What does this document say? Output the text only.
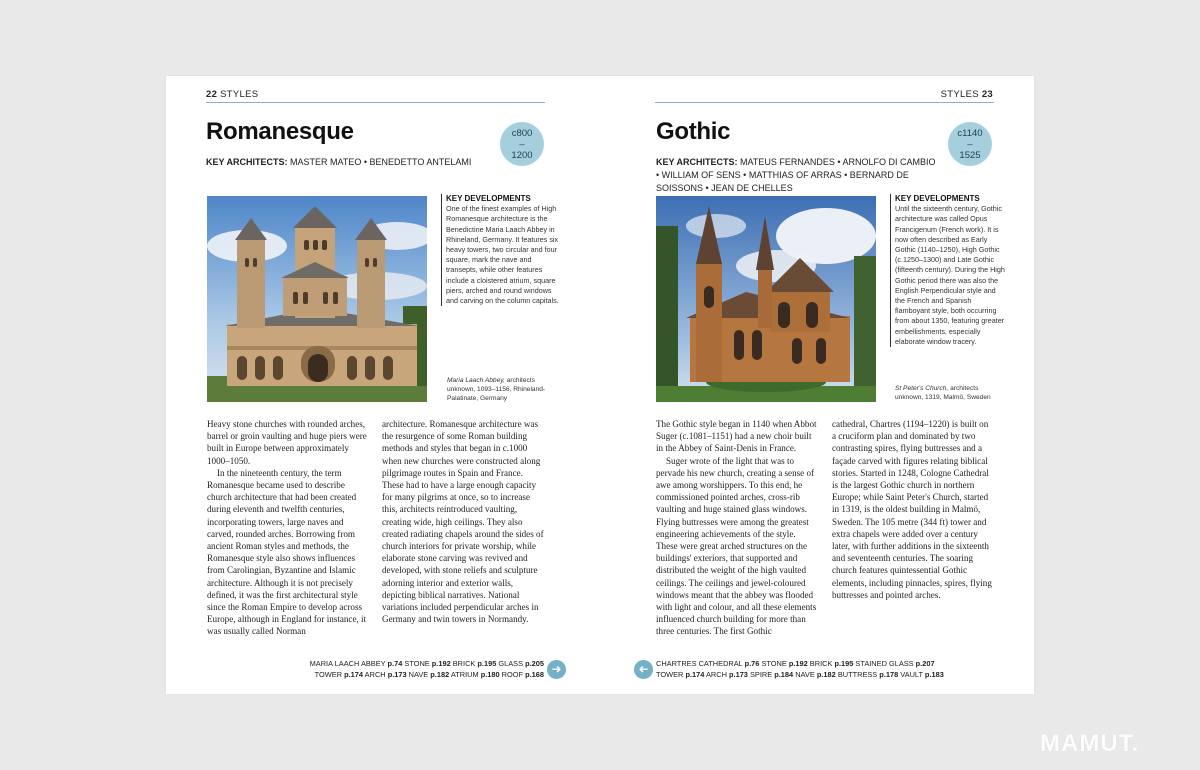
22 STYLES
Romanesque	c800
–
1200
KEY ARCHITECTS: MASTER MATEO • BENEDETTO ANTELAMI
KEY DEVELOPMENTS
One of the finest examples of High Romanesque architecture is the Benedictine Maria Laach Abbey in Rhineland, Germany. It features six heavy towers, two circular and four square, mark the nave and transepts, while other features include a cloistered atrium, square piers, arched and round windows and carving on the column capitals.
Maria Laach Abbey, architects unknown, 1093–1156, Rhineland-Palatinate, Germany

Heavy stone churches with rounded arches, barrel or groin vaulting and huge piers were built in Europe between approximately 1000–1050.

In the nineteenth century, the term Romanesque became used to describe church architecture that had been created during eleventh and twelfth centuries, incorporating towers, large naves and carved, rounded arches. Borrowing from ancient Roman styles and methods, the Romanesque style also shows influences from Carolingian, Byzantine and Islamic architecture. Although it is not precisely defined, it was the first architectural style since the Roman Empire to develop across Europe, although in England for instance, it was usually called Norman

architecture. Romanesque architecture was the resurgence of some Roman building methods and styles that began in c.1000 when new churches were constructed along pilgrimage routes in Spain and France. These had to have a large enough capacity for many pilgrims at once, so to increase this, architects reintroduced vaulting, creating wide, high ceilings. They also created radiating chapels around the sides of church interiors for private worship, while elaborate stone carving was revived and developed, with stone reliefs and sculpture adorning interior and exterior walls, depicting biblical narratives. National variations included perpendicular arches in Germany and twin towers in Normandy.

MARIA LAACH ABBEY p.74 STONE p.192 BRICK p.195 GLASS p.205
TOWER p.174 ARCH p.173 NAVE p.182 ATRIUM p.180 ROOF p.168 ➜
STYLES 23
Gothic	c1140
–
1525
KEY ARCHITECTS: MATEUS FERNANDES • ARNOLFO DI CAMBIO • WILLIAM OF SENS • MATTHIAS OF ARRAS • BERNARD DE SOISSONS • JEAN DE CHELLES
KEY DEVELOPMENTS
Until the sixteenth century, Gothic architecture was called Opus Francigenum (French work). It is now often described as Early Gothic (1140–1250), High Gothic (c.1250–1300) and Late Gothic (fifteenth century). During the High Gothic period there was also the English Perpendicular style and the French and Spanish flamboyant style, both occurring from about 1350, featuring greater embellishments, especially elaborate window tracery.
St Peter's Church, architects unknown, 1319, Malmö, Sweden

The Gothic style began in 1140 when Abbot Suger (c.1081–1151) had a new choir built in the Abbey of Saint-Denis in France.

Suger wrote of the light that was to pervade his new church, creating a sense of awe among worshippers. To this end, he commissioned pointed arches, cross-rib vaulting and huge stained glass windows. Flying buttresses were among the greatest engineering achievements of the style. These were great arched structures on the buildings' exteriors, that supported and distributed the weight of the high vaulted ceilings. The ceilings and jewel-coloured windows meant that the abbey was flooded with light and colour, and all these elements influenced church building for more than three centuries. The first Gothic

cathedral, Chartres (1194–1220) is built on a cruciform plan and dominated by two contrasting spires, flying buttresses and a façade carved with figures relating biblical stories. Started in 1248, Cologne Cathedral is the largest Gothic church in northern Europe; while Saint Peter's Church, started in 1319, is the oldest building in Malmö, Sweden. The 105 metre (344 ft) tower and extra chapels were added over a century later, with further additions in the sixteenth and seventeenth centuries. The soaring church features quintessential Gothic elements, including pinnacles, spires, flying buttresses and pointed arches.

➜	CHARTRES CATHEDRAL p.76 STONE p.192 BRICK p.195 STAINED GLASS p.207
TOWER p.174 ARCH p.173 SPIRE p.184 NAVE p.182 BUTTRESS p.178 VAULT p.183
MAMUT.
